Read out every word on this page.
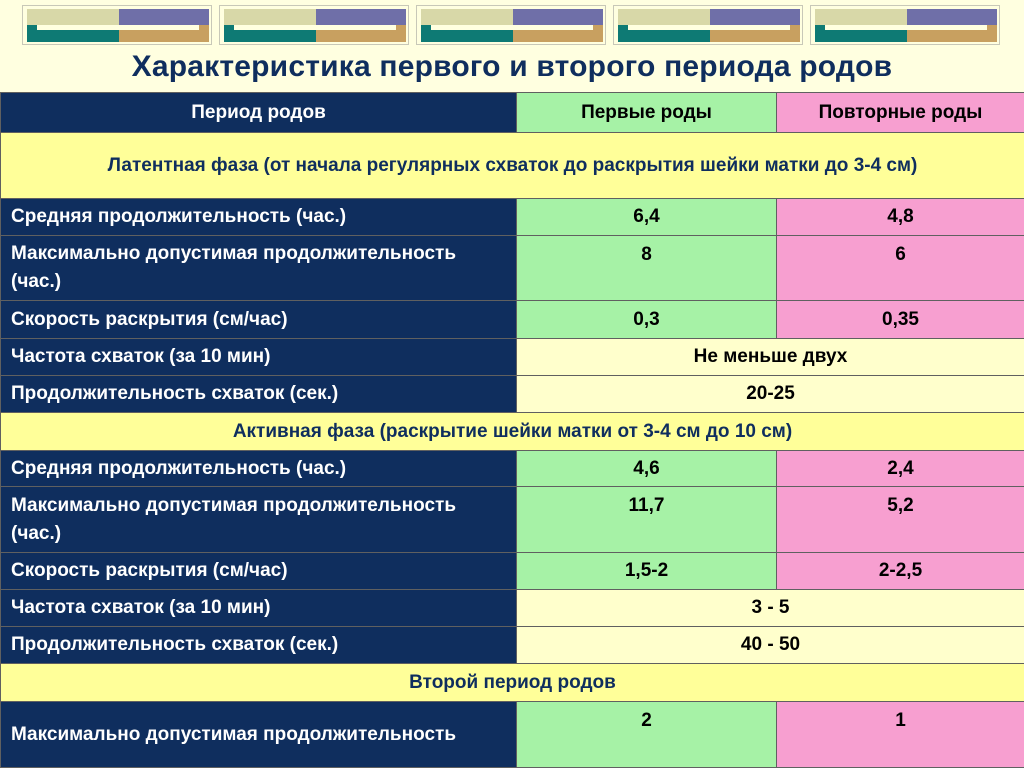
Характеристика первого и второго периода родов
Период родов	Первые роды	Повторные роды
Латентная фаза (от начала регулярных схваток до раскрытия шейки матки до 3-4 см)		
Средняя продолжительность (час.)	6,4	4,8
Максимально допустимая продолжительность (час.)	8	6
Скорость раскрытия (см/час)	0,3	0,35
Частота схваток (за 10 мин)	Не меньше двух	
Продолжительность схваток (сек.)	20-25	
Активная фаза (раскрытие шейки матки от 3-4 см до 10 см)		
Средняя продолжительность (час.)	4,6	2,4
Максимально допустимая продолжительность (час.)	11,7	5,2
Скорость раскрытия (см/час)	1,5-2	2-2,5
Частота схваток (за 10 мин)	3 - 5	
Продолжительность схваток (сек.)	40 - 50	
Второй период родов		
Максимально допустимая продолжительность	2	1
